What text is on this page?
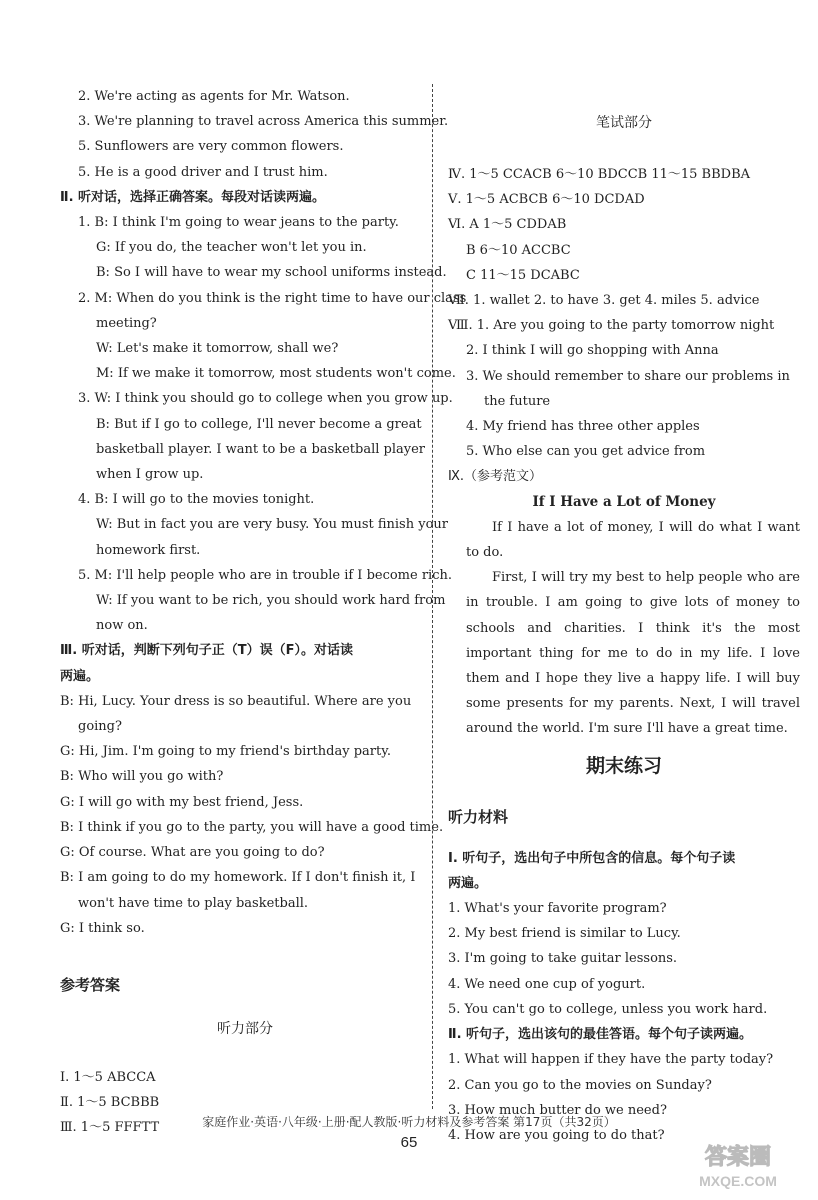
2. We're acting as agents for Mr. Watson.

3. We're planning to travel across America this summer.

5. Sunflowers are very common flowers.

5. He is a good driver and I trust him.

Ⅱ. 听对话，选择正确答案。每段对话读两遍。

1. B: I think I'm going to wear jeans to the party.

G: If you do, the teacher won't let you in.

B: So I will have to wear my school uniforms instead.

2. M: When do you think is the right time to have our class

meeting?

W: Let's make it tomorrow, shall we?

M: If we make it tomorrow, most students won't come.

3. W: I think you should go to college when you grow up.

B: But if I go to college, I'll never become a great

basketball player. I want to be a basketball player

when I grow up.

4. B: I will go to the movies tonight.

W: But in fact you are very busy. You must finish your

homework first.

5. M: I'll help people who are in trouble if I become rich.

W: If you want to be rich, you should work hard from

now on.

Ⅲ. 听对话，判断下列句子正（T）误（F）。对话读

两遍。

B: Hi, Lucy. Your dress is so beautiful. Where are you

going?

G: Hi, Jim. I'm going to my friend's birthday party.

B: Who will you go with?

G: I will go with my best friend, Jess.

B: I think if you go to the party, you will have a good time.

G: Of course. What are you going to do?

B: I am going to do my homework. If I don't finish it, I

won't have time to play basketball.

G: I think so.

参考答案

听力部分

Ⅰ. 1～5 ABCCA

Ⅱ. 1～5 BCBBB

Ⅲ. 1～5 FFFTT

笔试部分

Ⅳ. 1～5 CCACB 6～10 BDCCB 11～15 BBDBA

Ⅴ. 1～5 ACBCB 6～10 DCDAD

Ⅵ. A 1～5 CDDAB

B 6～10 ACCBC

C 11～15 DCABC

Ⅶ. 1. wallet 2. to have 3. get 4. miles 5. advice

Ⅷ. 1. Are you going to the party tomorrow night

2. I think I will go shopping with Anna

3. We should remember to share our problems in

the future

4. My friend has three other apples

5. Who else can you get advice from

Ⅸ.（参考范文）

If I Have a Lot of Money

If I have a lot of money, I will do what I want to do.

First, I will try my best to help people who are in trouble. I am going to give lots of money to schools and charities. I think it's the most important thing for me to do in my life. I love them and I hope they live a happy life. I will buy some presents for my parents. Next, I will travel around the world. I'm sure I'll have a great time.

期末练习

听力材料

Ⅰ. 听句子，选出句子中所包含的信息。每个句子读

两遍。

1. What's your favorite program?

2. My best friend is similar to Lucy.

3. I'm going to take guitar lessons.

4. We need one cup of yogurt.

5. You can't go to college, unless you work hard.

Ⅱ. 听句子，选出该句的最佳答语。每个句子读两遍。

1. What will happen if they have the party today?

2. Can you go to the movies on Sunday?

3. How much butter do we need?

4. How are you going to do that?

家庭作业·英语·八年级·上册·配人教版·听力材料及参考答案 第17页（共32页）
65
答案圈
MXQE.COM
